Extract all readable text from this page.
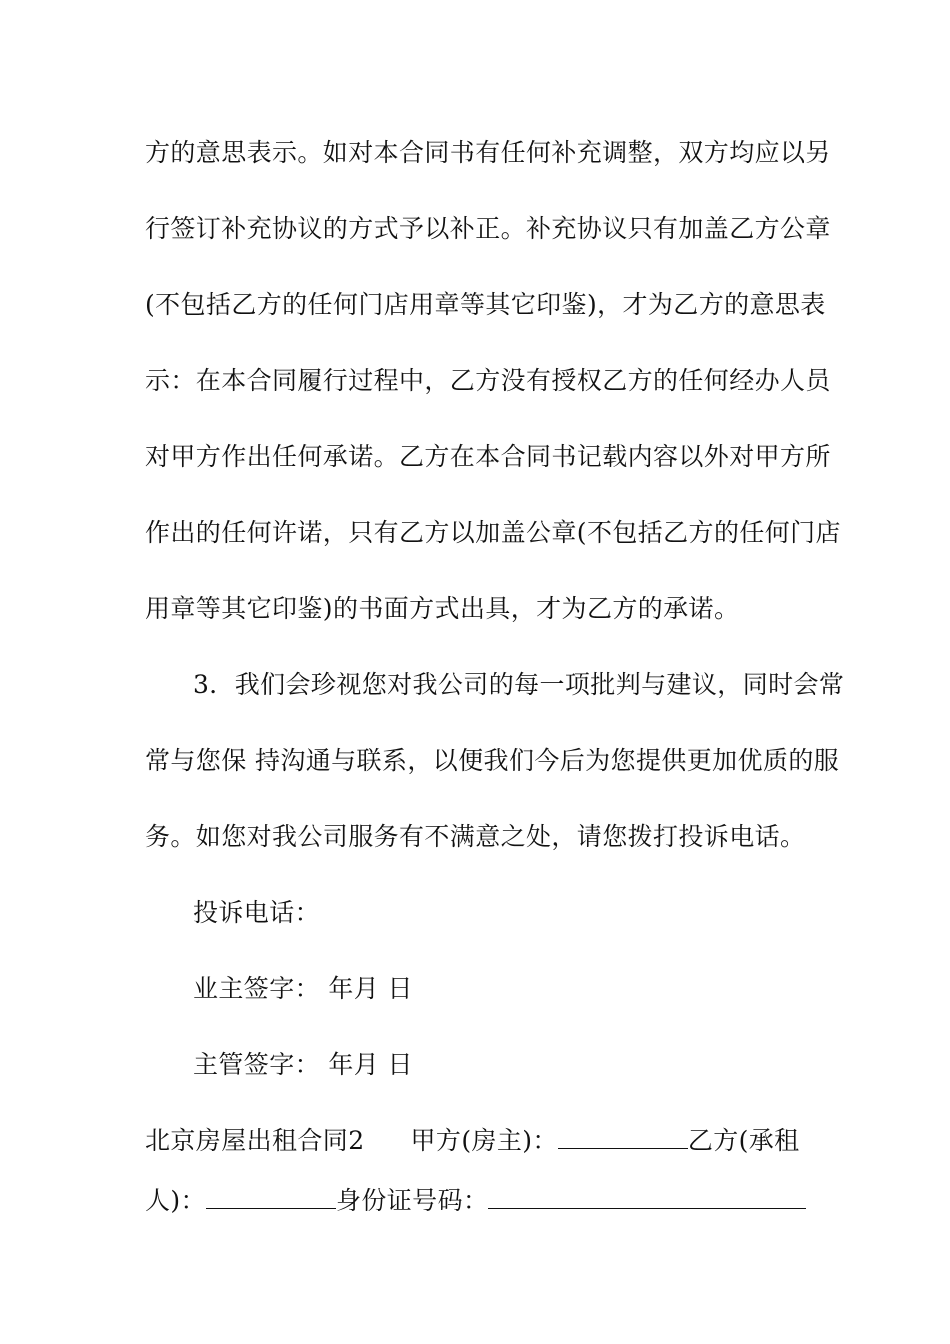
方的意思表示。如对本合同书有任何补充调整，双方均应以另
行签订补充协议的方式予以补正。补充协议只有加盖乙方公章
(不包括乙方的任何门店用章等其它印鉴)，才为乙方的意思表
示：在本合同履行过程中，乙方没有授权乙方的任何经办人员
对甲方作出任何承诺。乙方在本合同书记载内容以外对甲方所
作出的任何许诺，只有乙方以加盖公章(不包括乙方的任何门店
用章等其它印鉴)的书面方式出具，才为乙方的承诺。
3．我们会珍视您对我公司的每一项批判与建议，同时会常
常与您保 持沟通与联系，以便我们今后为您提供更加优质的服
务。如您对我公司服务有不满意之处，请您拨打投诉电话。
投诉电话：
业主签字： 年月 日
主管签字： 年月 日
北京房屋出租合同2 甲方(房主)：	乙方(承租
人)：	身份证号码：
